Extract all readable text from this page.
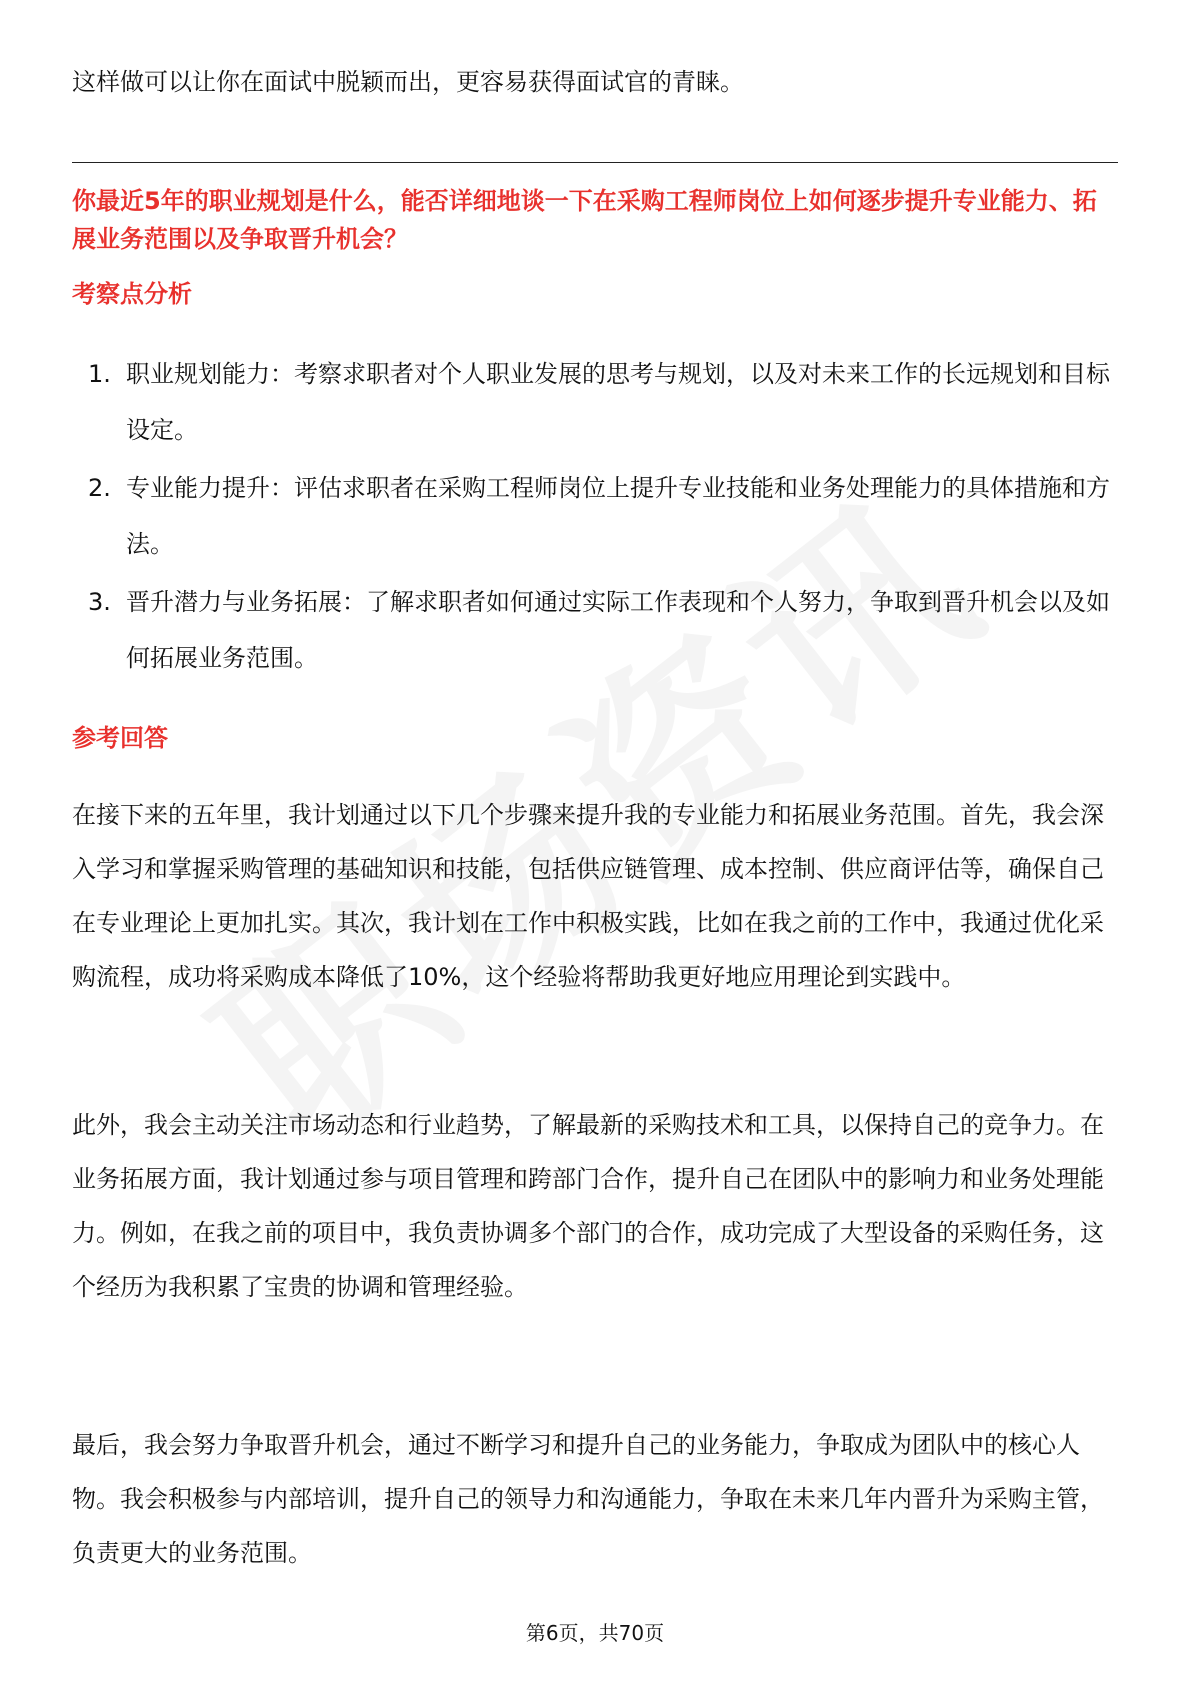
这样做可以让你在面试中脱颖而出，更容易获得面试官的青睐。
你最近5年的职业规划是什么，能否详细地谈一下在采购工程师岗位上如何逐步提升专业能力、拓展业务范围以及争取晋升机会？
考察点分析
1. 职业规划能力：考察求职者对个人职业发展的思考与规划，以及对未来工作的长远规划和目标设定。
2. 专业能力提升：评估求职者在采购工程师岗位上提升专业技能和业务处理能力的具体措施和方法。
3. 晋升潜力与业务拓展：了解求职者如何通过实际工作表现和个人努力，争取到晋升机会以及如何拓展业务范围。
参考回答

在接下来的五年里，我计划通过以下几个步骤来提升我的专业能力和拓展业务范围。首先，我会深入学习和掌握采购管理的基础知识和技能，包括供应链管理、成本控制、供应商评估等，确保自己在专业理论上更加扎实。其次，我计划在工作中积极实践，比如在我之前的工作中，我通过优化采购流程，成功将采购成本降低了10%，这个经验将帮助我更好地应用理论到实践中。

此外，我会主动关注市场动态和行业趋势，了解最新的采购技术和工具，以保持自己的竞争力。在业务拓展方面，我计划通过参与项目管理和跨部门合作，提升自己在团队中的影响力和业务处理能力。例如，在我之前的项目中，我负责协调多个部门的合作，成功完成了大型设备的采购任务，这个经历为我积累了宝贵的协调和管理经验。

最后，我会努力争取晋升机会，通过不断学习和提升自己的业务能力，争取成为团队中的核心人物。我会积极参与内部培训，提升自己的领导力和沟通能力，争取在未来几年内晋升为采购主管，负责更大的业务范围。

第6页，共70页
